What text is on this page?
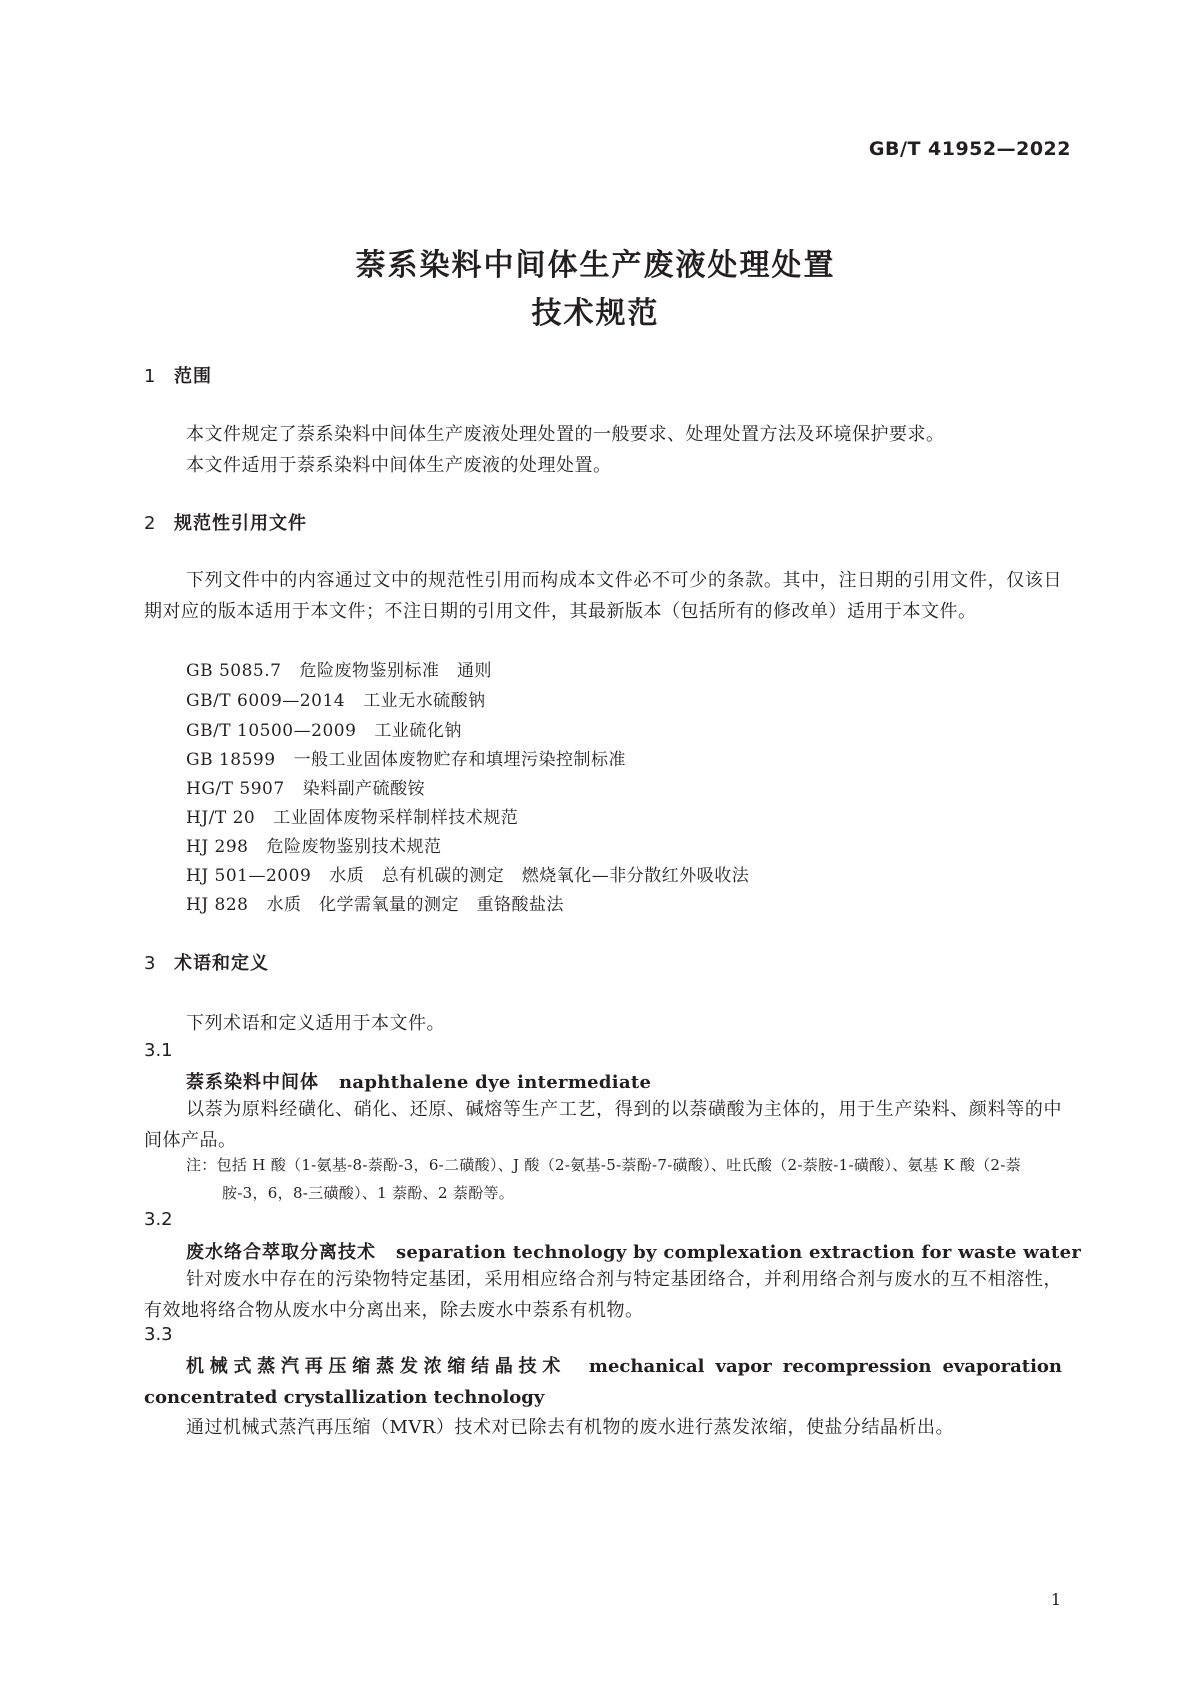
GB/T 41952—2022
萘系染料中间体生产废液处理处置
技术规范
1 范围
本文件规定了萘系染料中间体生产废液处理处置的一般要求、处理处置方法及环境保护要求。
本文件适用于萘系染料中间体生产废液的处理处置。
2 规范性引用文件
下列文件中的内容通过文中的规范性引用而构成本文件必不可少的条款。其中，注日期的引用文件，仅该日期对应的版本适用于本文件；不注日期的引用文件，其最新版本（包括所有的修改单）适用于本文件。
GB 5085.7 危险废物鉴别标准　通则
GB/T 6009—2014 工业无水硫酸钠
GB/T 10500—2009 工业硫化钠
GB 18599 一般工业固体废物贮存和填埋污染控制标准
HG/T 5907 染料副产硫酸铵
HJ/T 20 工业固体废物采样制样技术规范
HJ 298 危险废物鉴别技术规范
HJ 501—2009 水质　总有机碳的测定　燃烧氧化—非分散红外吸收法
HJ 828 水质　化学需氧量的测定　重铬酸盐法
3 术语和定义
下列术语和定义适用于本文件。
3.1
萘系染料中间体 naphthalene dye intermediate
以萘为原料经磺化、硝化、还原、碱熔等生产工艺，得到的以萘磺酸为主体的，用于生产染料、颜料等的中间体产品。
注：包括 H 酸（1-氨基-8-萘酚-3，6-二磺酸）、J 酸（2-氨基-5-萘酚-7-磺酸）、吐氏酸（2-萘胺-1-磺酸）、氨基 K 酸（2-萘
胺-3，6，8-三磺酸）、1 萘酚、2 萘酚等。
3.2
废水络合萃取分离技术 separation technology by complexation extraction for waste water
针对废水中存在的污染物特定基团，采用相应络合剂与特定基团络合，并利用络合剂与废水的互不相溶性，有效地将络合物从废水中分离出来，除去废水中萘系有机物。
3.3
机械式蒸汽再压缩蒸发浓缩结晶技术　 mechanical vapor recompression evaporation concentrated crystallization technology
通过机械式蒸汽再压缩（MVR）技术对已除去有机物的废水进行蒸发浓缩，使盐分结晶析出。
1
